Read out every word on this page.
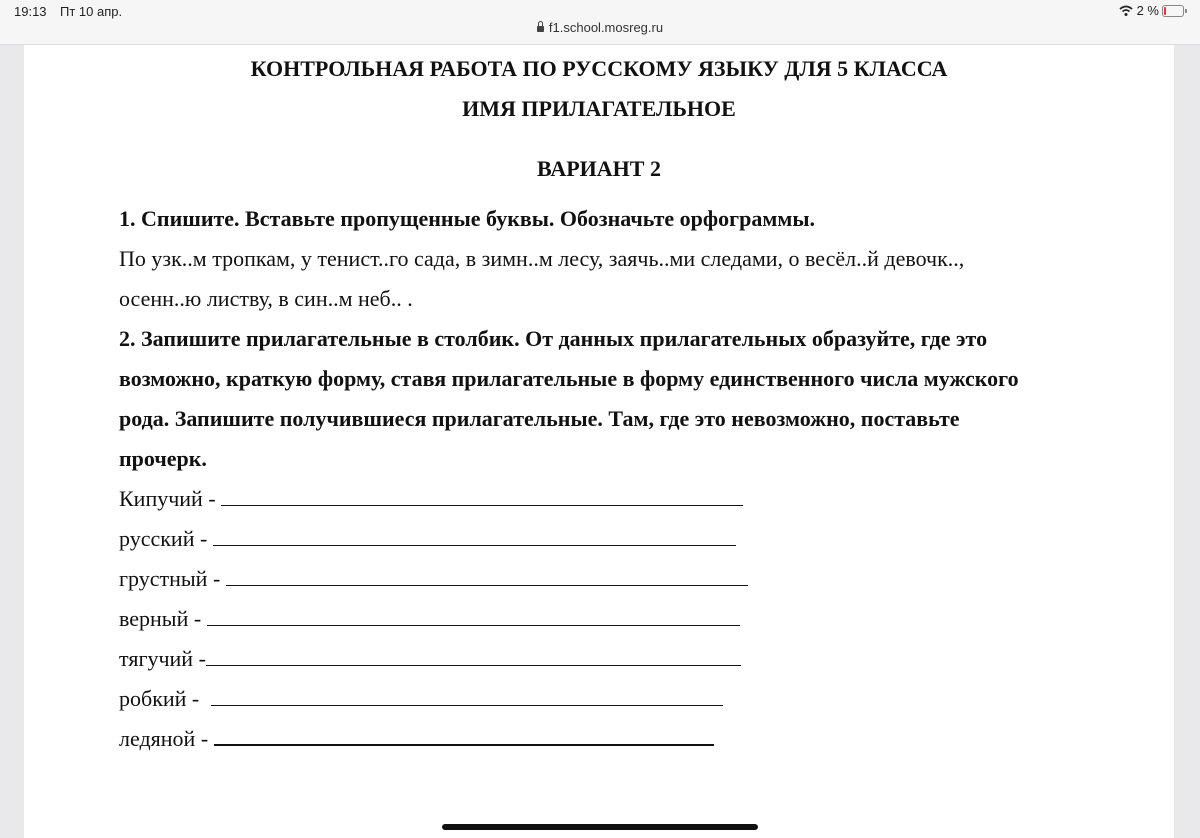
19:13 Пт 10 апр.
f1.school.mosreg.ru
2 %
КОНТРОЛЬНАЯ РАБОТА ПО РУССКОМУ ЯЗЫКУ ДЛЯ 5 КЛАССА
ИМЯ ПРИЛАГАТЕЛЬНОЕ
ВАРИАНТ 2
1. Спишите. Вставьте пропущенные буквы. Обозначьте орфограммы.
По узк..м тропкам, у тенист..го сада, в зимн..м лесу, заячь..ми следами, о весёл..й девочк..,
осенн..ю листву, в син..м неб.. .
2. Запишите прилагательные в столбик. От данных прилагательных образуйте, где это
возможно, краткую форму, ставя прилагательные в форму единственного числа мужского
рода. Запишите получившиеся прилагательные. Там, где это невозможно, поставьте
прочерк.
Кипучий -
русский -
грустный -
верный -
тягучий -
робкий -
ледяной -
